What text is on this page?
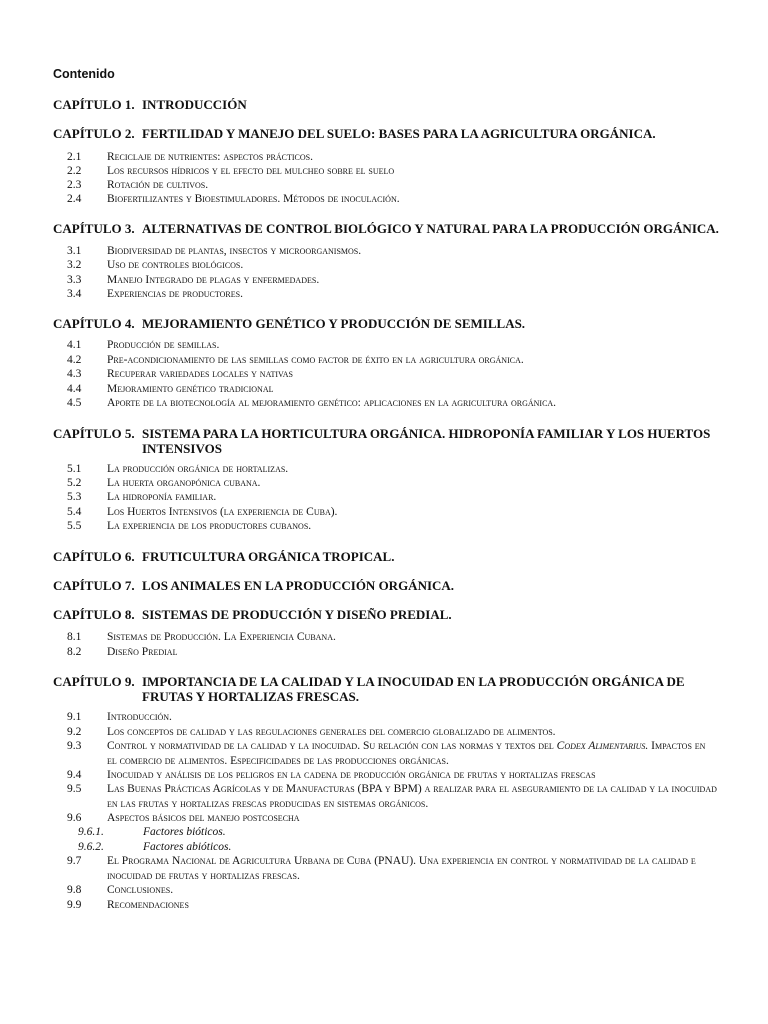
Contenido
CAPÍTULO 1. INTRODUCCIÓN
CAPÍTULO 2. FERTILIDAD Y MANEJO DEL SUELO: BASES PARA LA AGRICULTURA ORGÁNICA.
2.1	Reciclaje de nutrientes: aspectos prácticos.
2.2	Los recursos hídricos y el efecto del mulcheo sobre el suelo
2.3	Rotación de cultivos.
2.4	Biofertilizantes y Bioestimuladores. Métodos de inoculación.
CAPÍTULO 3. ALTERNATIVAS DE CONTROL BIOLÓGICO Y NATURAL PARA LA PRODUCCIÓN ORGÁNICA.
3.1	Biodiversidad de plantas, insectos y microorganismos.
3.2	Uso de controles biológicos.
3.3	Manejo Integrado de plagas y enfermedades.
3.4	Experiencias de productores.
CAPÍTULO 4. MEJORAMIENTO GENÉTICO Y PRODUCCIÓN DE SEMILLAS.
4.1	Producción de semillas.
4.2	Pre-acondicionamiento de las semillas como factor de éxito en la agricultura orgánica.
4.3	Recuperar variedades locales y nativas
4.4	Mejoramiento genético tradicional
4.5	Aporte de la biotecnología al mejoramiento genético: aplicaciones en la agricultura orgánica.
CAPÍTULO 5. SISTEMA PARA LA HORTICULTURA ORGÁNICA. HIDROPONÍA FAMILIAR Y LOS HUERTOS INTENSIVOS
5.1	La producción orgánica de hortalizas.
5.2	La huerta organopónica cubana.
5.3	La hidroponía familiar.
5.4	Los Huertos Intensivos (la experiencia de Cuba).
5.5	La experiencia de los productores cubanos.
CAPÍTULO 6. FRUTICULTURA ORGÁNICA TROPICAL.
CAPÍTULO 7. LOS ANIMALES EN LA PRODUCCIÓN ORGÁNICA.
CAPÍTULO 8. SISTEMAS DE PRODUCCIÓN Y DISEÑO PREDIAL.
8.1	Sistemas de Producción. La Experiencia Cubana.
8.2	Diseño Predial
CAPÍTULO 9. IMPORTANCIA DE LA CALIDAD Y LA INOCUIDAD EN LA PRODUCCIÓN ORGÁNICA DE FRUTAS Y HORTALIZAS FRESCAS.
9.1	Introducción.
9.2	Los conceptos de calidad y las regulaciones generales del comercio globalizado de alimentos.
9.3	Control y normatividad de la calidad y la inocuidad. Su relación con las normas y textos del Codex Alimentarius. Impactos en el comercio de alimentos. Especificidades de las producciones orgánicas.
9.4	Inocuidad y análisis de los peligros en la cadena de producción orgánica de frutas y hortalizas frescas
9.5	Las Buenas Prácticas Agrícolas y de Manufacturas (BPA y BPM) a realizar para el aseguramiento de la calidad y la inocuidad en las frutas y hortalizas frescas producidas en sistemas orgánicos.
9.6	Aspectos básicos del manejo postcosecha
9.6.1.	Factores bióticos.
9.6.2.	Factores abióticos.
9.7	El Programa Nacional de Agricultura Urbana de Cuba (PNAU). Una experiencia en control y normatividad de la calidad e inocuidad de frutas y hortalizas frescas.
9.8	Conclusiones.
9.9	Recomendaciones
